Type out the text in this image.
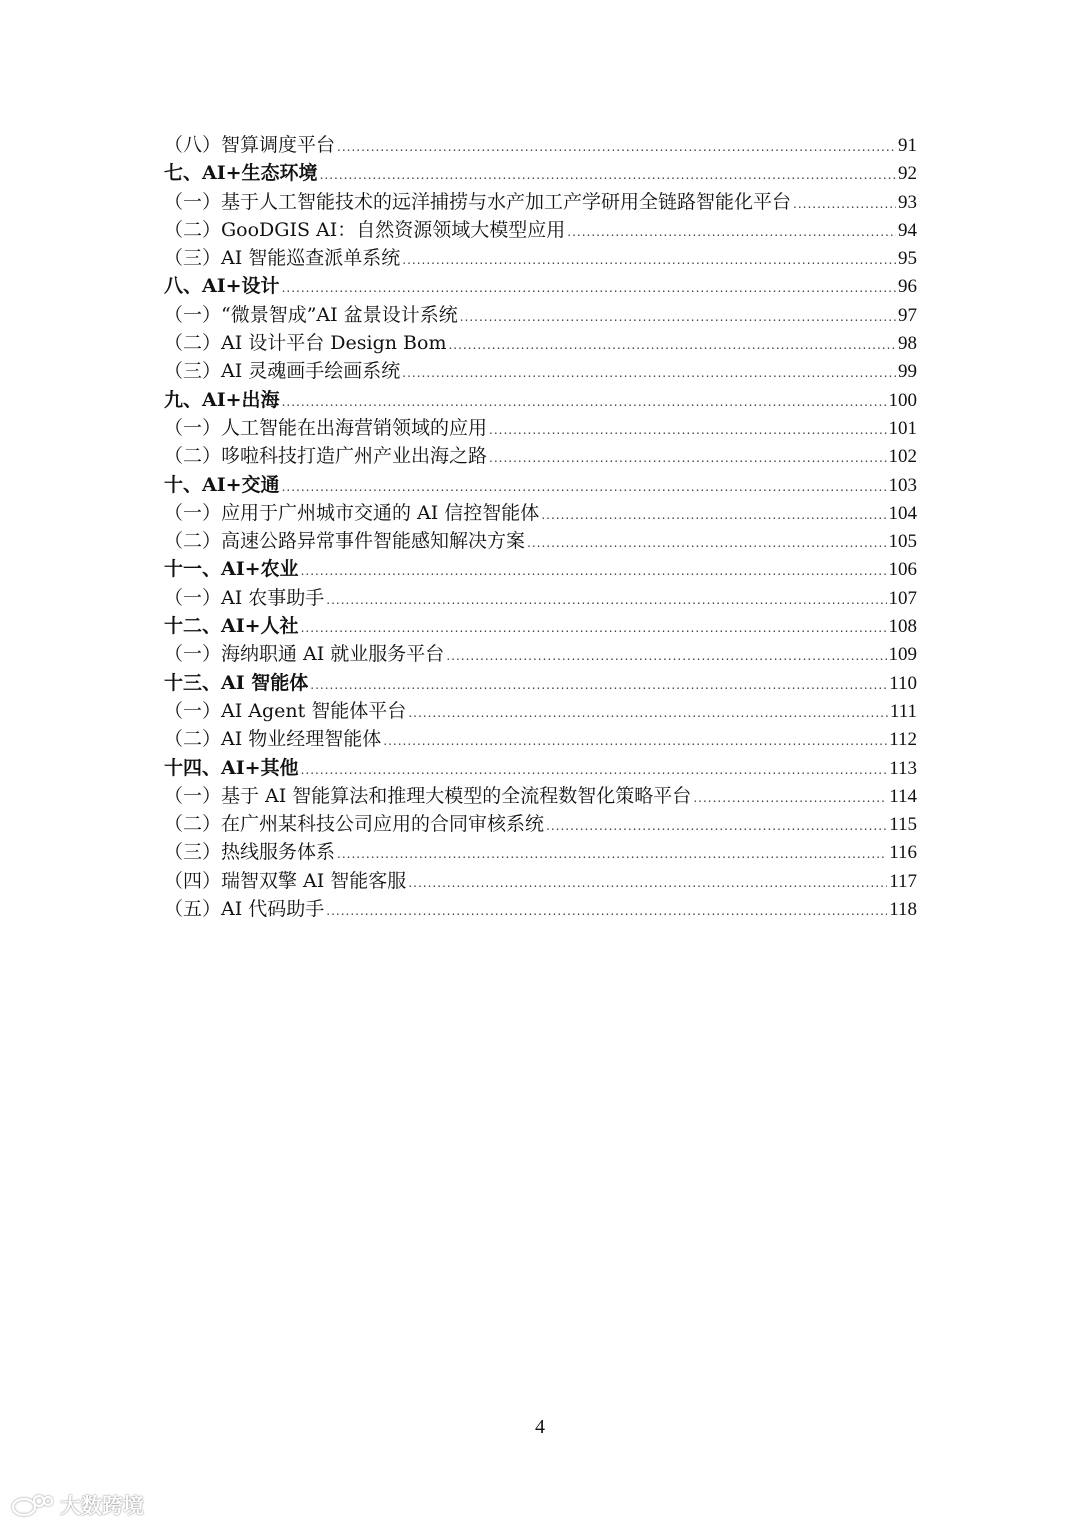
（八）智算调度平台 .....	91
七、AI+生态环境 .....	92
（一）基于人工智能技术的远洋捕捞与水产加工产学研用全链路智能化平台 .....	93
（二）GooDGIS AI：自然资源领域大模型应用 .....	94
（三）AI 智能巡查派单系统 .....	95
八、AI+设计 .....	96
（一）“微景智成”AI 盆景设计系统 .....	97
（二）AI 设计平台 Design Bom .....	98
（三）AI 灵魂画手绘画系统 .....	99
九、AI+出海 .....	100
（一）人工智能在出海营销领域的应用 .....	101
（二）哆啦科技打造广州产业出海之路 .....	102
十、AI+交通 .....	103
（一）应用于广州城市交通的 AI 信控智能体 .....	104
（二）高速公路异常事件智能感知解决方案 .....	105
十一、AI+农业 .....	106
（一）AI 农事助手 .....	107
十二、AI+人社 .....	108
（一）海纳职通 AI 就业服务平台 .....	109
十三、AI 智能体 .....	110
（一）AI Agent 智能体平台 .....	111
（二）AI 物业经理智能体 .....	112
十四、AI+其他 .....	113
（一）基于 AI 智能算法和推理大模型的全流程数智化策略平台 .....	114
（二）在广州某科技公司应用的合同审核系统 .....	115
（三）热线服务体系 .....	116
（四）瑞智双擎 AI 智能客服 .....	117
（五）AI 代码助手 .....	118
4
大数跨境
